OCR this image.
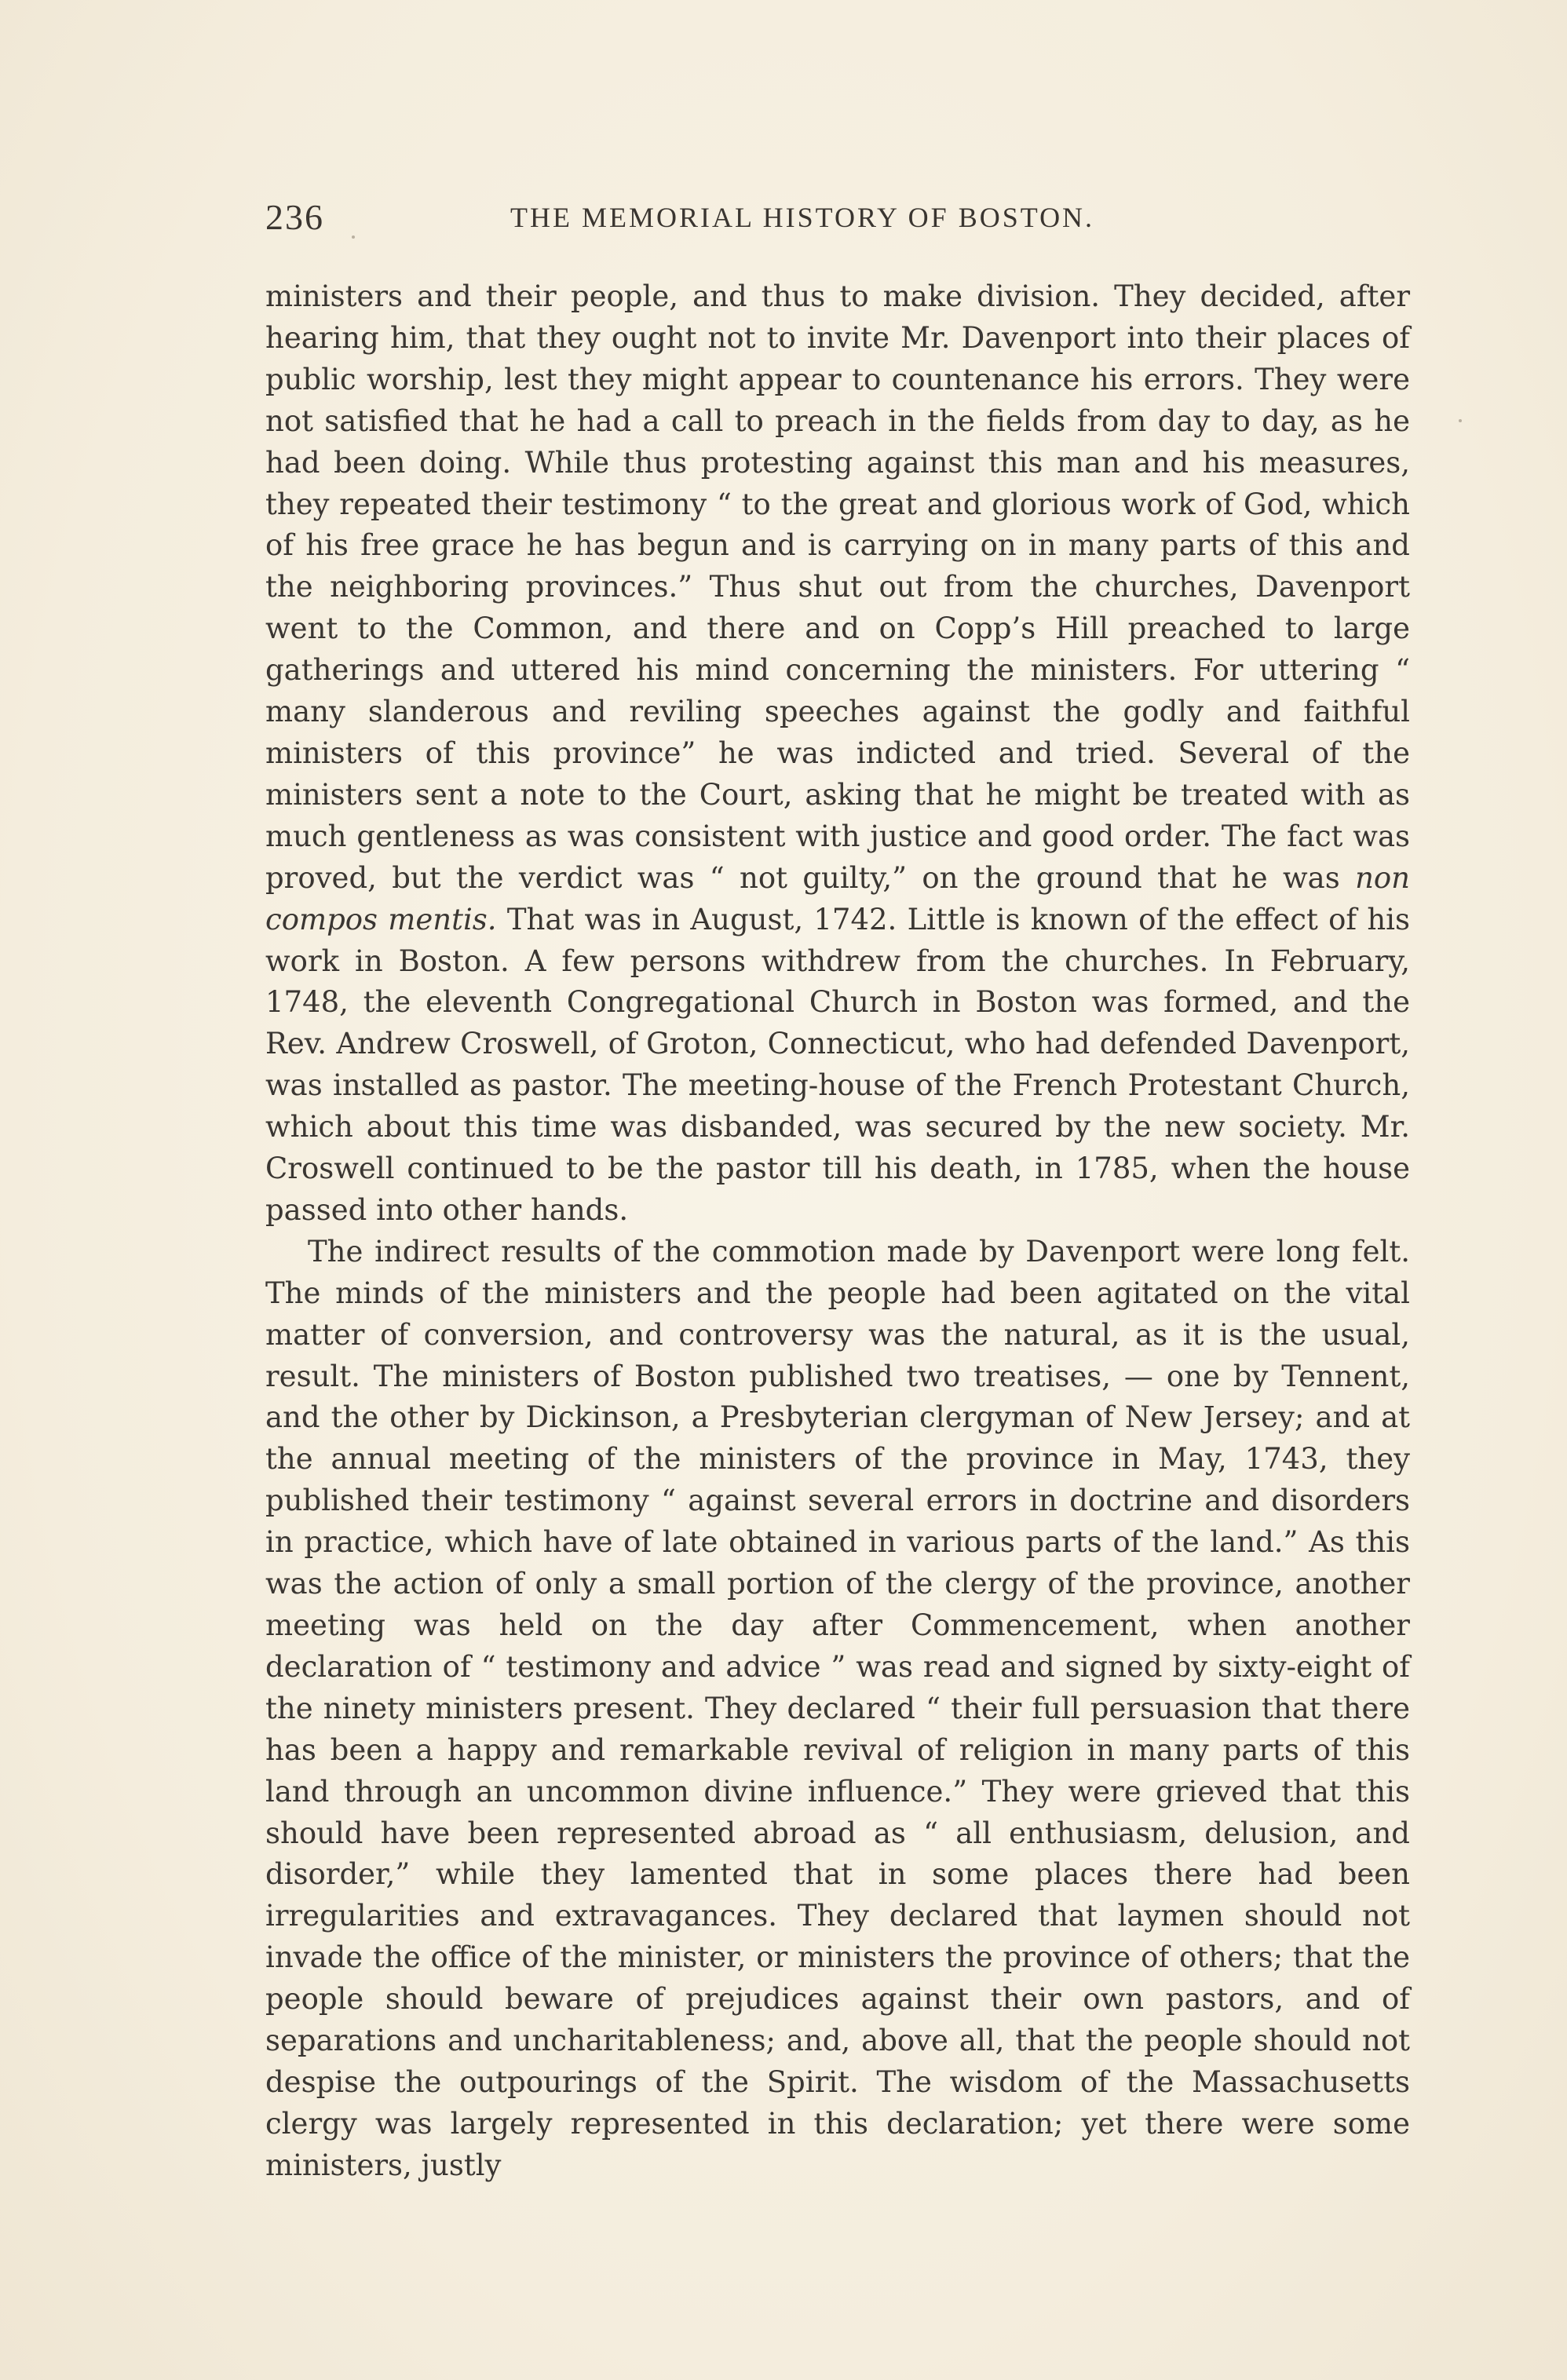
236	THE MEMORIAL HISTORY OF BOSTON.

ministers and their people, and thus to make division. They decided, after hearing him, that they ought not to invite Mr. Davenport into their places of public worship, lest they might appear to countenance his errors. They were not satisfied that he had a call to preach in the fields from day to day, as he had been doing. While thus protesting against this man and his measures, they repeated their testimony “ to the great and glorious work of God, which of his free grace he has begun and is carrying on in many parts of this and the neighboring provinces.” Thus shut out from the churches, Davenport went to the Common, and there and on Copp’s Hill preached to large gatherings and uttered his mind concerning the ministers. For uttering “ many slanderous and reviling speeches against the godly and faithful ministers of this province” he was indicted and tried. Several of the ministers sent a note to the Court, asking that he might be treated with as much gentleness as was consistent with justice and good order. The fact was proved, but the verdict was “ not guilty,” on the ground that he was non compos mentis. That was in August, 1742. Little is known of the effect of his work in Boston. A few persons withdrew from the churches. In February, 1748, the eleventh Congregational Church in Boston was formed, and the Rev. Andrew Croswell, of Groton, Connecticut, who had defended Davenport, was installed as pastor. The meeting-house of the French Protestant Church, which about this time was disbanded, was secured by the new society. Mr. Croswell continued to be the pastor till his death, in 1785, when the house passed into other hands.

The indirect results of the commotion made by Davenport were long felt. The minds of the ministers and the people had been agitated on the vital matter of conversion, and controversy was the natural, as it is the usual, result. The ministers of Boston published two treatises, — one by Tennent, and the other by Dickinson, a Presbyterian clergyman of New Jersey; and at the annual meeting of the ministers of the province in May, 1743, they published their testimony “ against several errors in doctrine and disorders in practice, which have of late obtained in various parts of the land.” As this was the action of only a small portion of the clergy of the province, another meeting was held on the day after Commencement, when another declaration of “ testimony and advice ” was read and signed by sixty-eight of the ninety ministers present. They declared “ their full persuasion that there has been a happy and remarkable revival of religion in many parts of this land through an uncommon divine influence.” They were grieved that this should have been represented abroad as “ all enthusiasm, delusion, and disorder,” while they lamented that in some places there had been irregularities and extravagances. They declared that laymen should not invade the office of the minister, or ministers the province of others; that the people should beware of prejudices against their own pastors, and of separations and uncharitableness; and, above all, that the people should not despise the outpourings of the Spirit. The wisdom of the Massachusetts clergy was largely represented in this declaration; yet there were some ministers, justly
